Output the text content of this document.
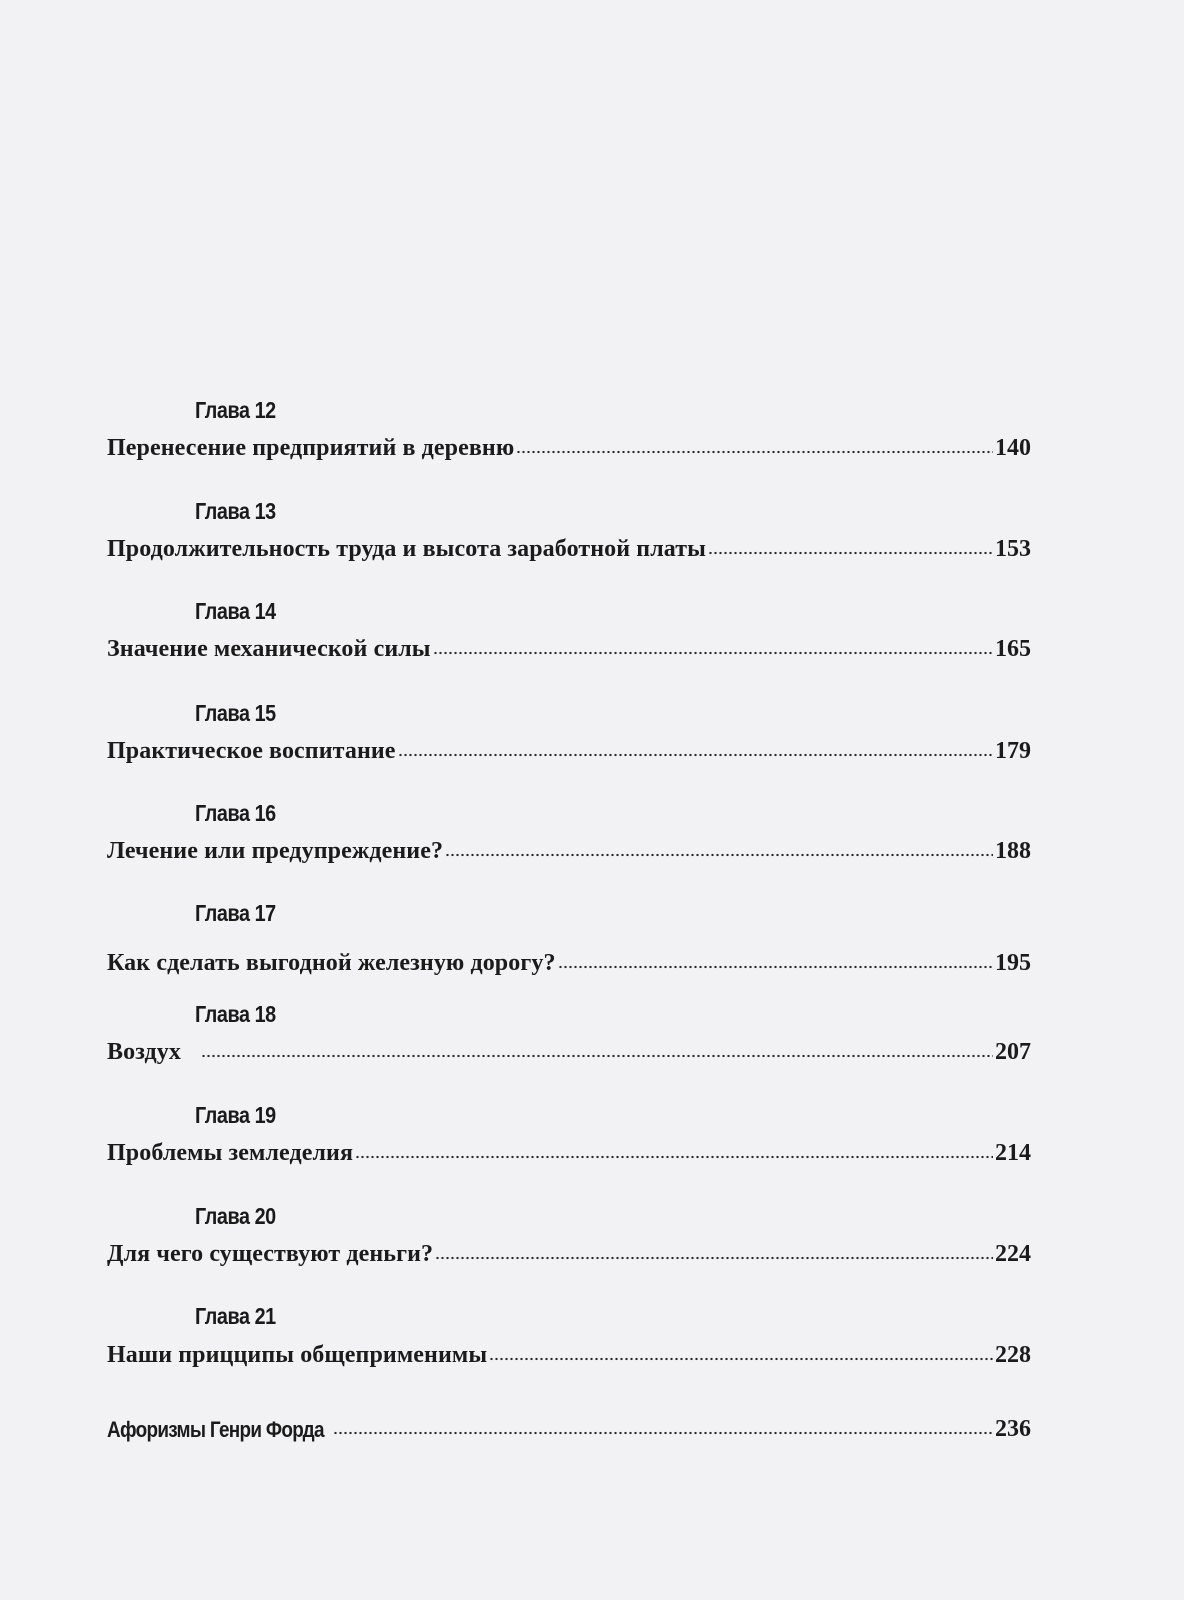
Глава 12
Перенесение предприятий в деревню	140
Глава 13
Продолжительность труда и высота заработной платы	153
Глава 14
Значение механической силы	165
Глава 15
Практическое воспитание	179
Глава 16
Лечение или предупреждение?	188
Глава 17
Как сделать выгодной железную дорогу?	195
Глава 18
Воздух	207
Глава 19
Проблемы земледелия	214
Глава 20
Для чего существуют деньги?	224
Глава 21
Наши прицципы общеприменимы	228
Афоризмы Генри Форда	236
